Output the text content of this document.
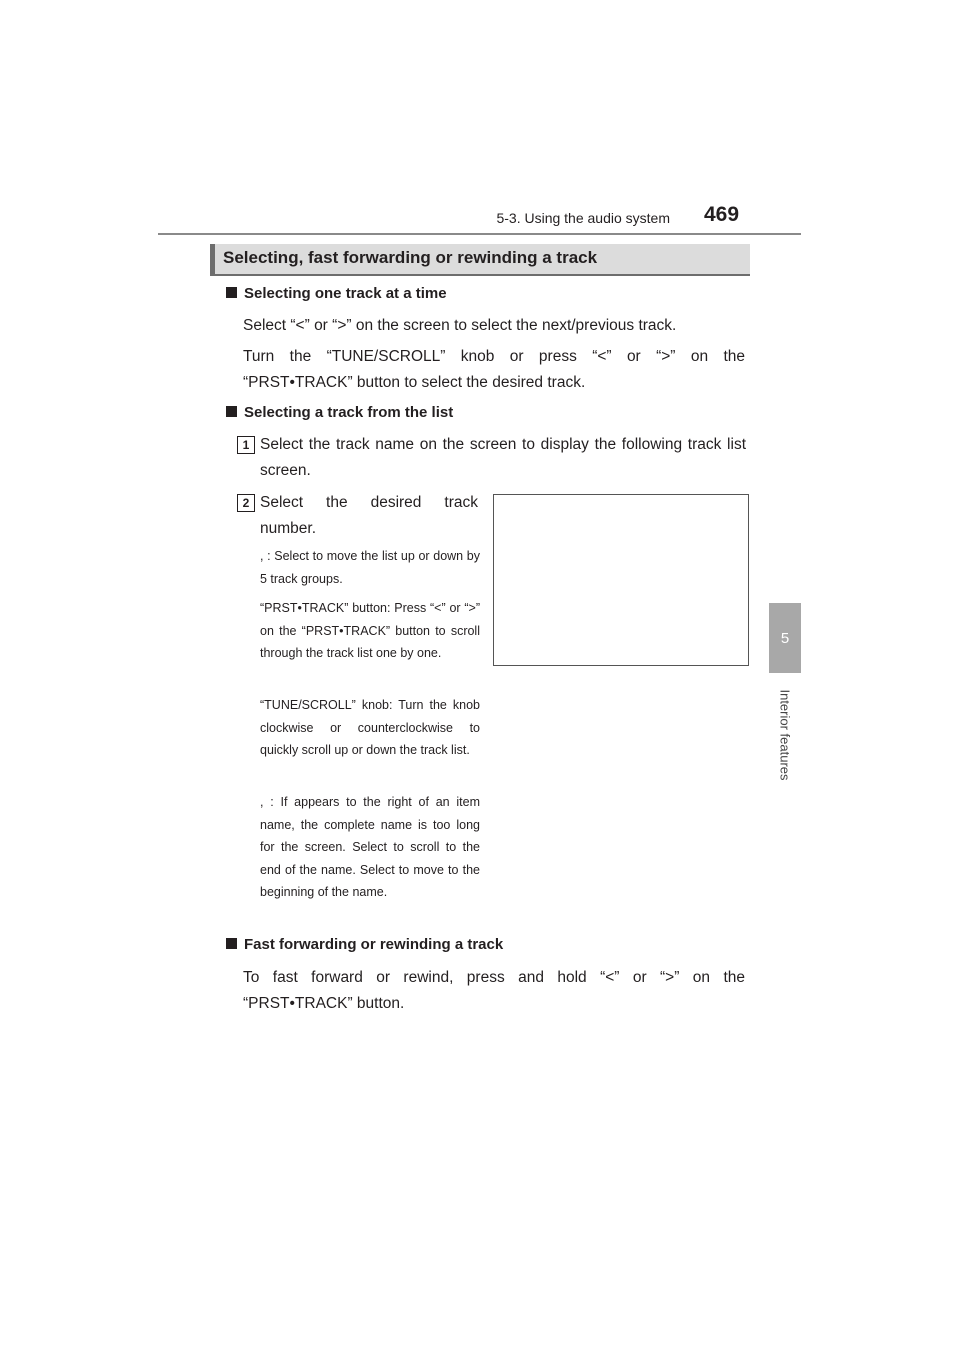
5-3. Using the audio system 469
5
Interior features
Selecting, fast forwarding or rewinding a track
Selecting one track at a time
Select “<” or “>” on the screen to select the next/previous track.
Turn the “TUNE/SCROLL” knob or press “<” or “>” on the “PRST•TRACK” button to select the desired track.
Selecting a track from the list
1 Select the track name on the screen to display the following track list screen.
2 Select the desired track number.
, : Select to move the list up or down by 5 track groups.
“PRST•TRACK” button: Press “<” or “>” on the “PRST•TRACK” button to scroll through the track list one by one.
“TUNE/SCROLL” knob: Turn the knob clockwise or counterclockwise to quickly scroll up or down the track list.
, : If appears to the right of an item name, the complete name is too long for the screen. Select to scroll to the end of the name. Select to move to the beginning of the name.
Fast forwarding or rewinding a track
To fast forward or rewind, press and hold “<” or “>” on the “PRST•TRACK” button.
